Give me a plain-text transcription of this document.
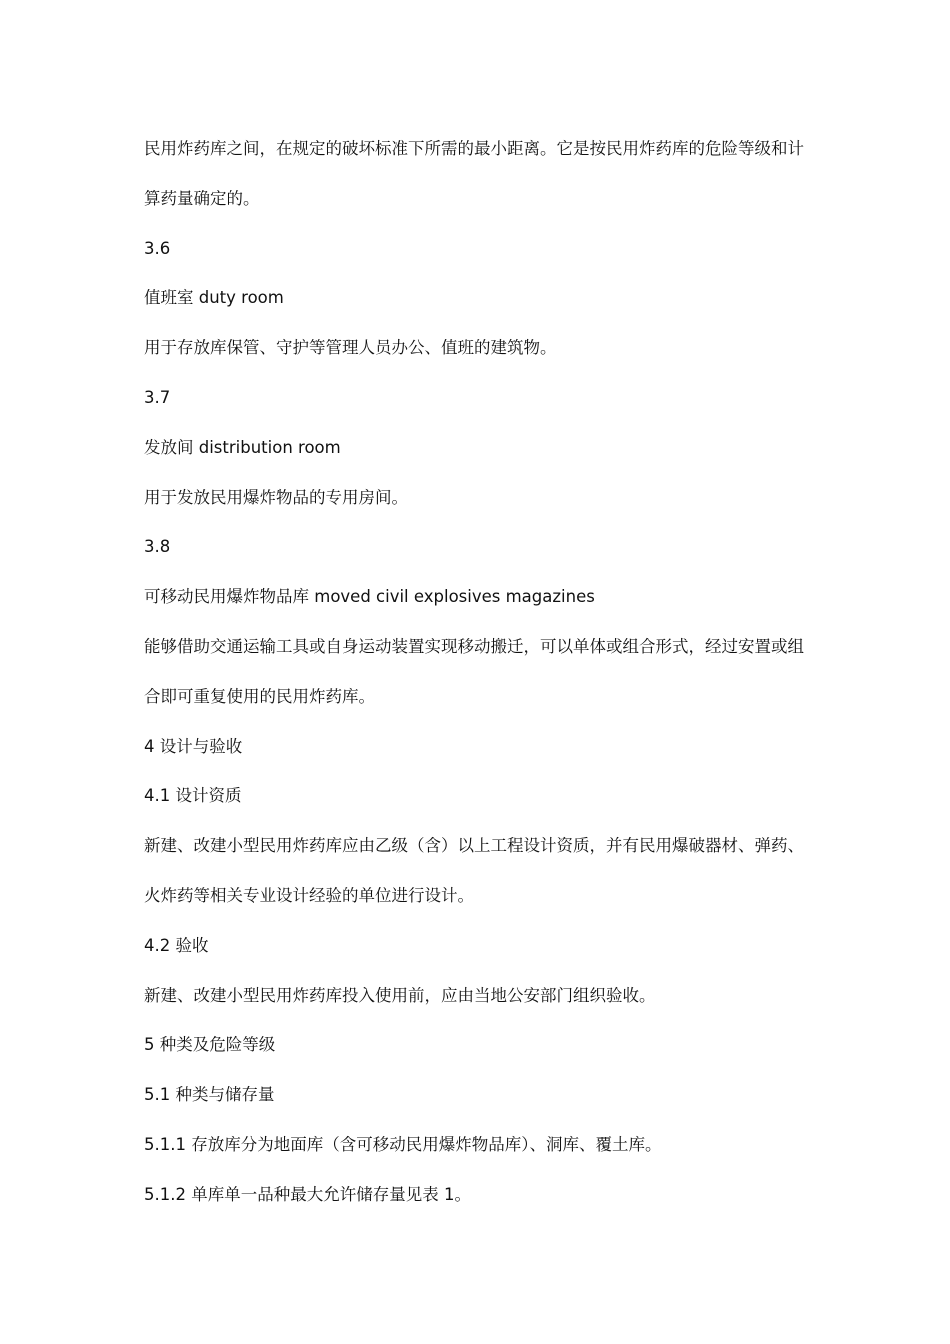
民用炸药库之间，在规定的破坏标准下所需的最小距离。它是按民用炸药库的危险等级和计
算药量确定的。
3.6
值班室 duty room
用于存放库保管、守护等管理人员办公、值班的建筑物。
3.7
发放间 distribution room
用于发放民用爆炸物品的专用房间。
3.8
可移动民用爆炸物品库 moved civil explosives magazines
能够借助交通运输工具或自身运动装置实现移动搬迁，可以单体或组合形式，经过安置或组
合即可重复使用的民用炸药库。
4 设计与验收
4.1 设计资质
新建、改建小型民用炸药库应由乙级（含）以上工程设计资质，并有民用爆破器材、弹药、
火炸药等相关专业设计经验的单位进行设计。
4.2 验收
新建、改建小型民用炸药库投入使用前，应由当地公安部门组织验收。
5 种类及危险等级
5.1 种类与储存量
5.1.1 存放库分为地面库（含可移动民用爆炸物品库）、洞库、覆土库。
5.1.2 单库单一品种最大允许储存量见表 1。
